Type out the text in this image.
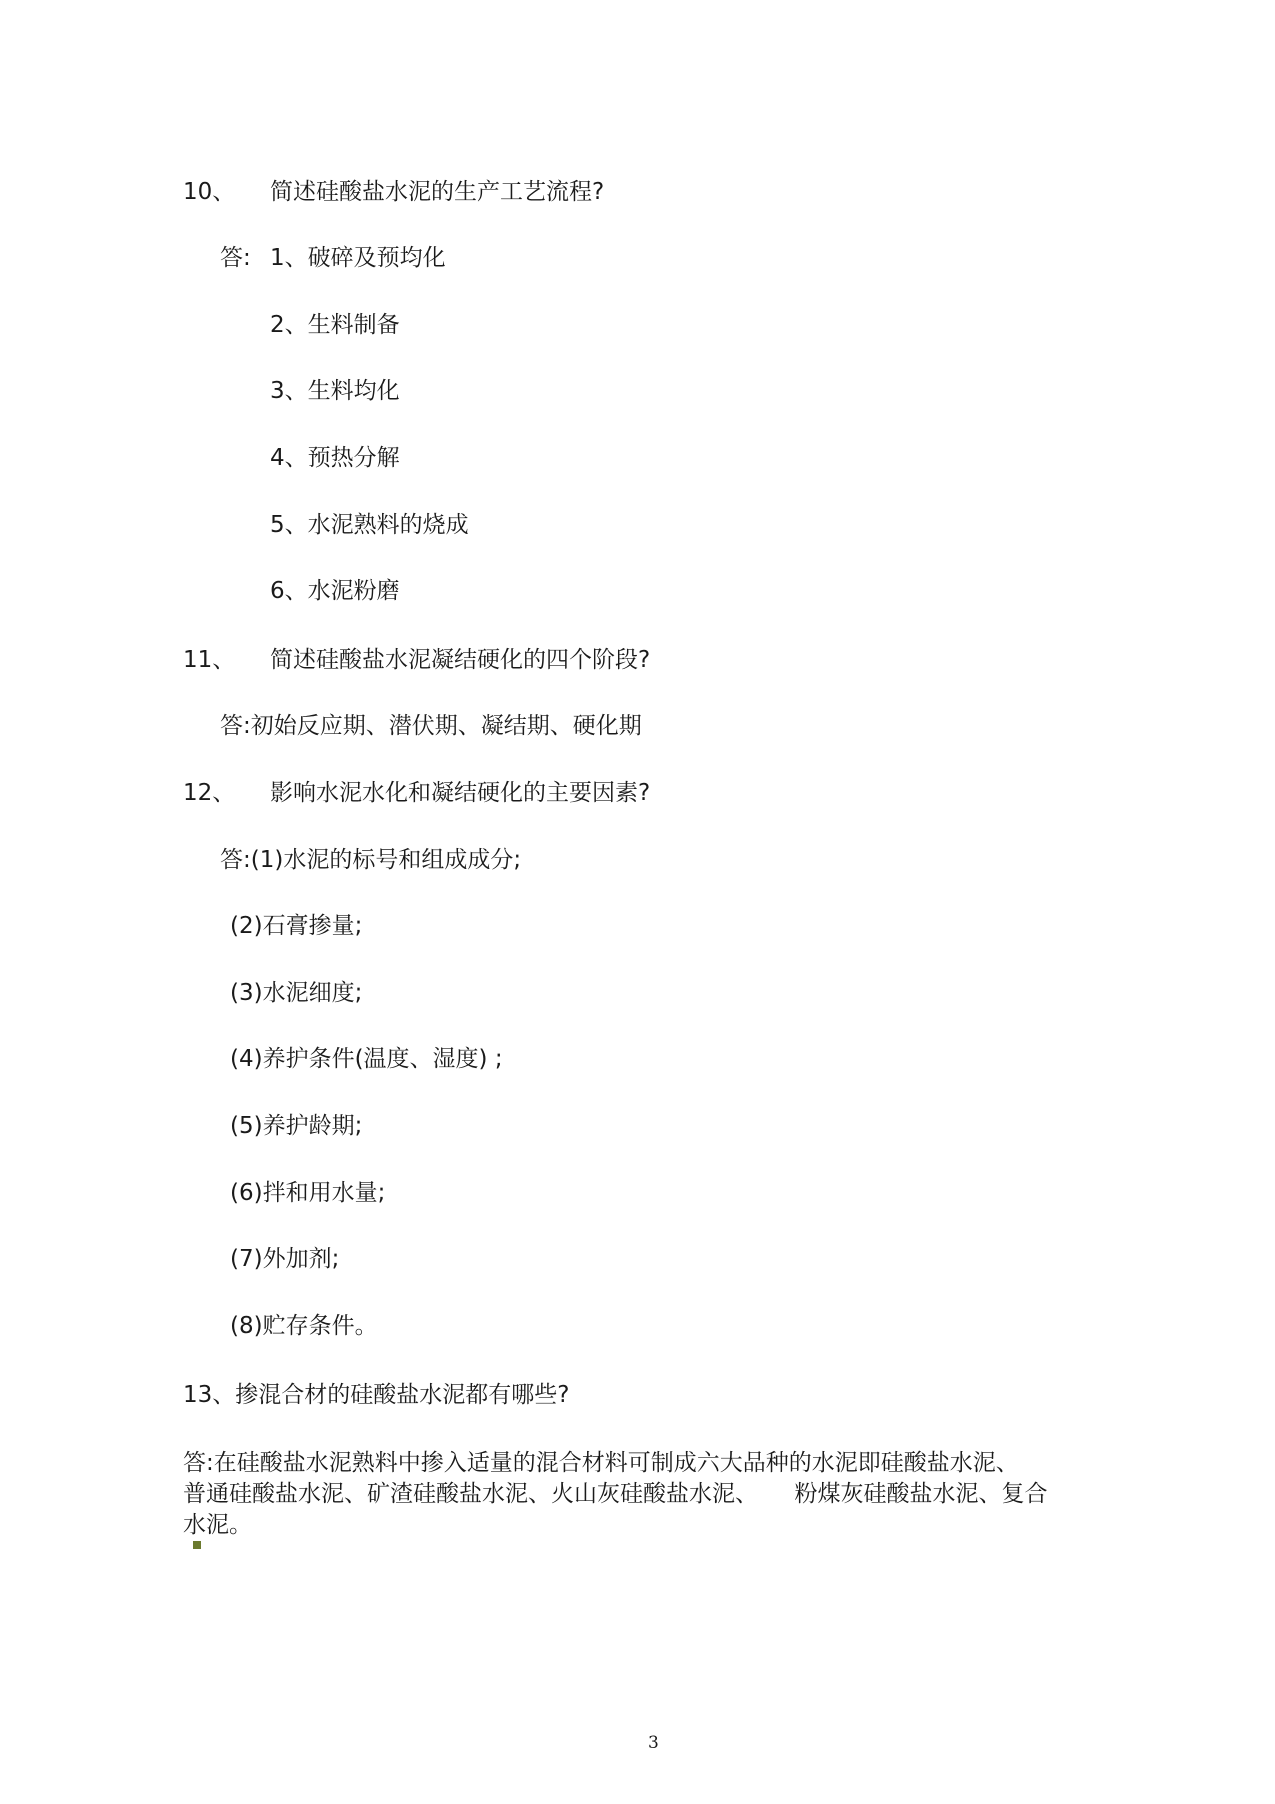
10、 简述硅酸盐水泥的生产工艺流程?
答: 1、破碎及预均化
2、生料制备
3、生料均化
4、预热分解
5、水泥熟料的烧成
6、水泥粉磨
11、 简述硅酸盐水泥凝结硬化的四个阶段?
答:初始反应期、潜伏期、凝结期、硬化期
12、 影响水泥水化和凝结硬化的主要因素?
答:(1)水泥的标号和组成成分;
(2)石膏掺量;
(3)水泥细度;
(4)养护条件(温度、湿度) ;
(5)养护龄期;
(6)拌和用水量;
(7)外加剂;
(8)贮存条件。
13、掺混合材的硅酸盐水泥都有哪些?
答:在硅酸盐水泥熟料中掺入适量的混合材料可制成六大品种的水泥即硅酸盐水泥、
普通硅酸盐水泥、矿渣硅酸盐水泥、火山灰硅酸盐水泥、     粉煤灰硅酸盐水泥、复合
水泥。
3
